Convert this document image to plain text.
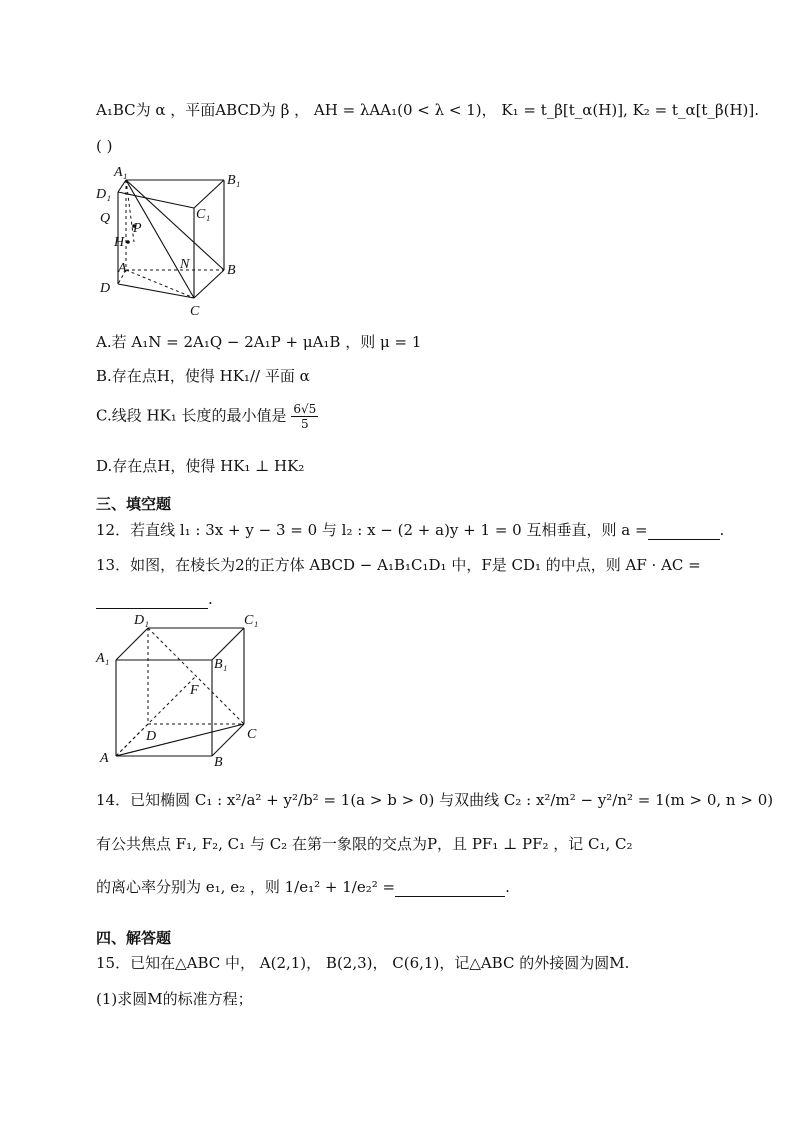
A₁BC为 α ，平面ABCD为 β ， AH = λAA₁(0 < λ < 1)， K₁ = t_β[t_α(H)], K₂ = t_α[t_β(H)].
( )
A₁
B₁
D₁
C₁
Q
P
H
A	N	B
D
C
A.若 A₁N = 2A₁Q − 2A₁P + μA₁B ，则 μ = 1
B.存在点H，使得 HK₁// 平面 α
C.线段 HK₁ 长度的最小值是 $\frac{6√5}{5}$
D.存在点H，使得 HK₁ ⊥ HK₂
三、填空题
12．若直线 l₁ : 3x + y − 3 = 0 与 l₂ : x − (2 + a)y + 1 = 0 互相垂直，则 a =	.
13．如图，在棱长为2的正方体 ABCD − A₁B₁C₁D₁ 中，F是 CD₁ 的中点，则 AF · AC =
.
D₁	C₁
A₁	B₁
F
D	C
A	B
14．已知椭圆 C₁ : x²/a² + y²/b² = 1(a > b > 0) 与双曲线 C₂ : x²/m² − y²/n² = 1(m > 0, n > 0)
有公共焦点 F₁, F₂, C₁ 与 C₂ 在第一象限的交点为P，且 PF₁ ⊥ PF₂ ，记 C₁, C₂
的离心率分别为 e₁, e₂ ，则 1/e₁² + 1/e₂² =	.
四、解答题
15．已知在△ABC 中， A(2,1)， B(2,3)， C(6,1)，记△ABC 的外接圆为圆M.
(1)求圆M的标准方程；
